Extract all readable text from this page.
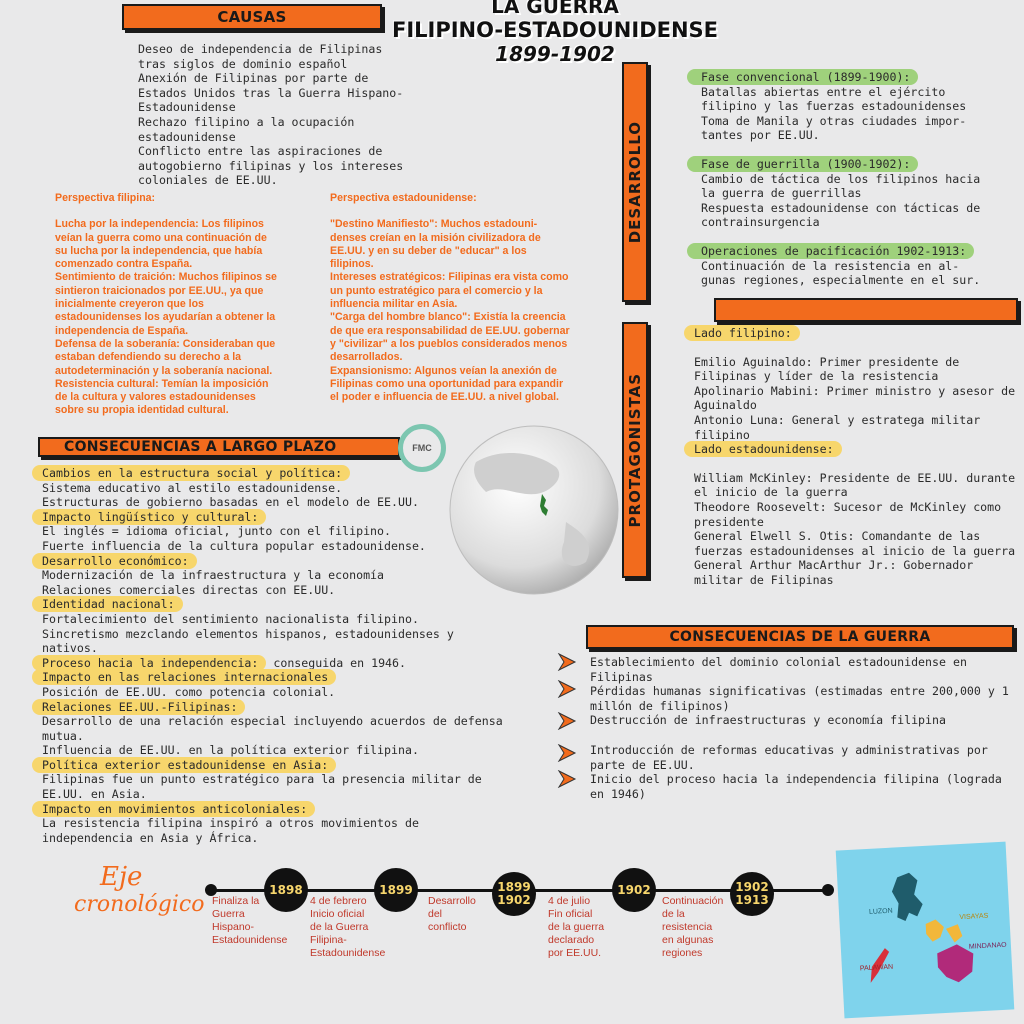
LA GUERRA
FILIPINO-ESTADOUNIDENSE
1899-1902
CAUSAS

Deseo de independencia de Filipinas

tras siglos de dominio español

Anexión de Filipinas por parte de

Estados Unidos tras la Guerra Hispano-

Estadounidense

Rechazo filipino a la ocupación

estadounidense

Conflicto entre las aspiraciones de

autogobierno filipinas y los intereses

coloniales de EE.UU.

Perspectiva filipina:

Lucha por la independencia: Los filipinos

veían la guerra como una continuación de

su lucha por la independencia, que había

comenzado contra España.

Sentimiento de traición: Muchos filipinos se

sintieron traicionados por EE.UU., ya que

inicialmente creyeron que los

estadounidenses los ayudarían a obtener la

independencia de España.

Defensa de la soberanía: Consideraban que

estaban defendiendo su derecho a la

autodeterminación y la soberanía nacional.

Resistencia cultural: Temían la imposición

de la cultura y valores estadounidenses

sobre su propia identidad cultural.

Perspectiva estadounidense:

"Destino Manifiesto": Muchos estadouni-

denses creían en la misión civilizadora de

EE.UU. y en su deber de "educar" a los

filipinos.

Intereses estratégicos: Filipinas era vista como

un punto estratégico para el comercio y la

influencia militar en Asia.

"Carga del hombre blanco": Existía la creencia

de que era responsabilidad de EE.UU. gobernar

y "civilizar" a los pueblos considerados menos

desarrollados.

Expansionismo: Algunos veían la anexión de

Filipinas como una oportunidad para expandir

el poder e influencia de EE.UU. a nivel global.

DESARROLLO

Fase convencional (1899-1900):

Batallas abiertas entre el ejército

filipino y las fuerzas estadounidenses

Toma de Manila y otras ciudades impor-

tantes por EE.UU.

Fase de guerrilla (1900-1902):

Cambio de táctica de los filipinos hacia

la guerra de guerrillas

Respuesta estadounidense con tácticas de

contrainsurgencia

Operaciones de pacificación 1902-1913:

Continuación de la resistencia en al-

gunas regiones, especialmente en el sur.

PROTAGONISTAS

Lado filipino:

Emilio Aguinaldo: Primer presidente de

Filipinas y líder de la resistencia

Apolinario Mabini: Primer ministro y asesor de

Aguinaldo

Antonio Luna: General y estratega militar

filipino

Lado estadounidense:

William McKinley: Presidente de EE.UU. durante

el inicio de la guerra

Theodore Roosevelt: Sucesor de McKinley como

presidente

General Elwell S. Otis: Comandante de las

fuerzas estadounidenses al inicio de la guerra

General Arthur MacArthur Jr.: Gobernador

militar de Filipinas

CONSECUENCIAS A LARGO PLAZO	FMC

Cambios en la estructura social y política:

Sistema educativo al estilo estadounidense.

Estructuras de gobierno basadas en el modelo de EE.UU.

Impacto lingüístico y cultural:

El inglés = idioma oficial, junto con el filipino.

Fuerte influencia de la cultura popular estadounidense.

Desarrollo económico:

Modernización de la infraestructura y la economía

Relaciones comerciales directas con EE.UU.

Identidad nacional:

Fortalecimiento del sentimiento nacionalista filipino.

Sincretismo mezclando elementos hispanos, estadounidenses y

nativos.

Proceso hacia la independencia: conseguida en 1946.

Impacto en las relaciones internacionales

Posición de EE.UU. como potencia colonial.

Relaciones EE.UU.-Filipinas:

Desarrollo de una relación especial incluyendo acuerdos de defensa

mutua.

Influencia de EE.UU. en la política exterior filipina.

Política exterior estadounidense en Asia:

Filipinas fue un punto estratégico para la presencia militar de

EE.UU. en Asia.

Impacto en movimientos anticoloniales:

La resistencia filipina inspiró a otros movimientos de

independencia en Asia y África.

CONSECUENCIAS DE LA GUERRA

Establecimiento del dominio colonial estadounidense en

Filipinas

Pérdidas humanas significativas (estimadas entre 200,000 y 1

millón de filipinos)

Destrucción de infraestructuras y economía filipina

Introducción de reformas educativas y administrativas por

parte de EE.UU.

Inicio del proceso hacia la independencia filipina (lograda

en 1946)

Eje
cronológico
1898	1899	1899
1902
1902	1902
1913
Finaliza la
Guerra
Hispano-
Estadounidense
4 de febrero
Inicio oficial
de la Guerra
Filipina-
Estadounidense
Desarrollo
del
conflicto
4 de julio
Fin oficial
de la guerra
declarado
por EE.UU.
Continuación
de la
resistencia
en algunas
regiones
LUZON
VISAYAS
MINDANAO
PALAWAN
